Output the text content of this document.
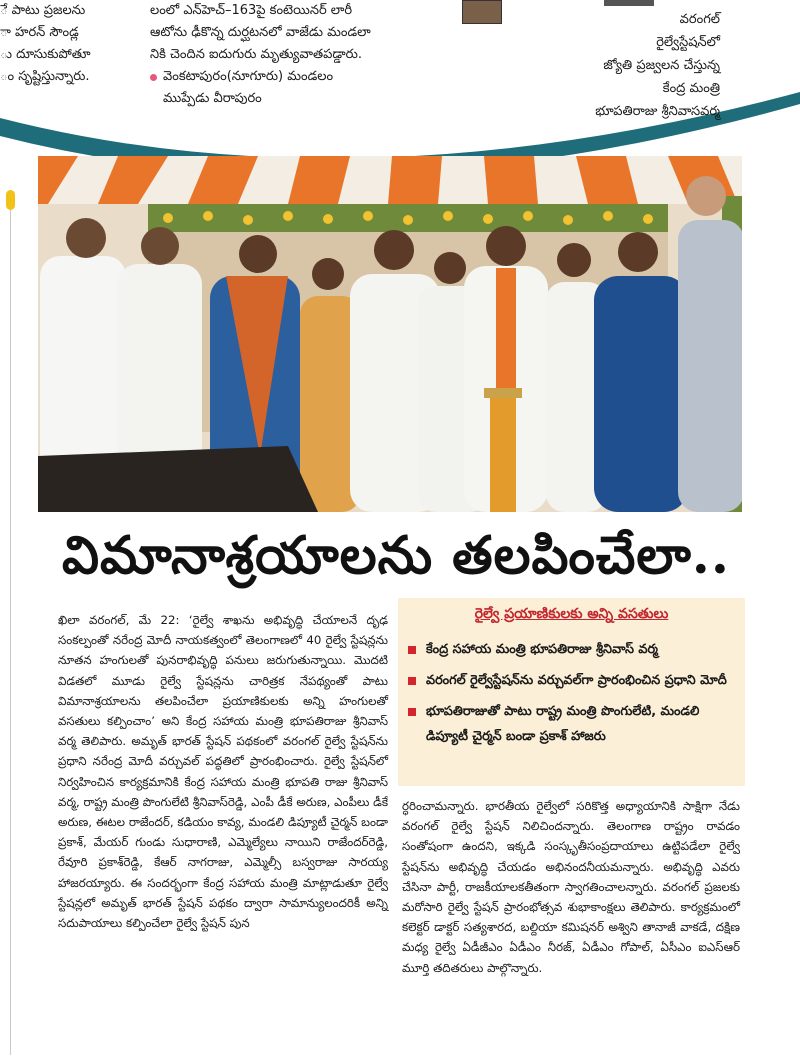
ే పాటు ప్రజలను
ా హరన్ సౌండ్ల
ు దూసుకుపోతూ
ం సృష్టిస్తున్నారు.
లంలో ఎన్‌హెచ్‌–163పై కంటెయినర్‌ లారీ
ఆటోను ఢీకొన్న దుర్ఘటనలో వాజేడు మండలా
నికి చెందిన ఐదుగురు మృత్యువాతపడ్డారు.
వెంకటాపురం(నూగూరు) మండలం
ముప్పేడు వీరాపురం
వరంగల్‌
రైల్వేస్టేషన్‌లో
జ్యోతి ప్రజ్వలన చేస్తున్న
కేంద్ర మంత్రి
భూపతిరాజు శ్రీనివాసవర్మ
విమానాశ్రయాలను తలపించేలా..

ఖిలా వరంగల్‌, మే 22: ‘రైల్వే శాఖను అభివృద్ధి చేయాలనే దృఢ సంకల్పంతో నరేంద్ర మోదీ నాయకత్వంలో తెలంగాణలో 40 రైల్వే స్టేషన్లను నూతన హంగులతో పునరాభివృద్ధి పనులు జరుగుతున్నాయి. మొదటి విడతలో మూడు రైల్వే స్టేషన్లను చారిత్రక నేపథ్యంతో పాటు విమానాశ్రయాలను తలపించేలా ప్రయాణికులకు అన్ని హంగులతో వసతులు కల్పించాం’ అని కేంద్ర సహాయ మంత్రి భూపతిరాజు శ్రీనివాస్‌ వర్మ తెలిపారు. అమృత్‌ భారత్‌ స్టేషన్‌ పథకంలో వరంగల్‌ రైల్వే స్టేషన్‌ను ప్రధాని నరేంద్ర మోదీ వర్చువల్‌ పద్ధతిలో ప్రారంభించారు. రైల్వే స్టేషన్‌లో నిర్వహించిన కార్యక్రమానికి కేంద్ర సహాయ మంత్రి భూపతి రాజు శ్రీనివాస్‌ వర్మ, రాష్ట్ర మంత్రి పొంగులేటి శ్రీనివాస్‌రెడ్డి, ఎంపీ డీకే అరుణ, ఎంపీలు డీకే అరుణ, ఈటల రాజేందర్‌, కడియం కావ్య, మండలి డిప్యూటీ చైర్మన్‌ బండా ప్రకాశ్‌, మేయర్‌ గుండు సుధారాణి, ఎమ్మెల్యేలు నాయిని రాజేందర్‌రెడ్డి, రేవూరి ప్రకాశ్‌రెడ్డి, కేఆర్‌ నాగరాజు, ఎమ్మెల్సీ బస్వరాజు సారయ్య హాజరయ్యారు. ఈ సందర్భంగా కేంద్ర సహాయ మంత్రి మాట్లాడుతూ రైల్వే స్టేషన్లలో అమృత్‌ భారత్‌ స్టేషన్‌ పథకం ద్వారా సామాన్యులందరికీ అన్ని సదుపాయాలు కల్పించేలా రైల్వే స్టేషన్‌ పున

రైల్వే ప్రయాణికులకు అన్ని వసతులు
కేంద్ర సహాయ మంత్రి భూపతిరాజు శ్రీనివాస్‌ వర్మ
వరంగల్‌ రైల్వేస్టేషన్‌ను వర్చువల్‌గా ప్రారంభించిన ప్రధాని మోదీ
భూపతిరాజుతో పాటు రాష్ట్ర మంత్రి పొంగులేటి, మండలి డిప్యూటీ చైర్మన్‌ బండా ప్రకాశ్‌ హాజరు

ర్ధరించామన్నారు. భారతీయ రైల్వేలో సరికొత్త అధ్యాయానికి సాక్షిగా నేడు వరంగల్‌ రైల్వే స్టేషన్‌ నిలిచిందన్నారు. తెలంగాణ రాష్ట్రం రావడం సంతోషంగా ఉందని, ఇక్కడి సంస్కృతీసంప్రదాయాలు ఉట్టిపడేలా రైల్వే స్టేషన్‌ను అభివృద్ధి చేయడం అభినందనీయమన్నారు. అభివృద్ధి ఎవరు చేసినా పార్టీ, రాజకీయాలకతీతంగా స్వాగతించాలన్నారు. వరంగల్‌ ప్రజలకు మరోసారి రైల్వే స్టేషన్‌ ప్రారంభోత్సవ శుభాకాంక్షలు తెలిపారు. కార్యక్రమంలో కలెక్టర్‌ డాక్టర్‌ సత్యశారద, బల్దియా కమిషనర్‌ అశ్విని తానాజీ వాకడే, దక్షిణ మధ్య రైల్వే ఏడీజీఎం ఏడీఎం నీరజ్‌, ఏడీఎం గోపాల్‌, ఏసీఎం ఐఎస్‌ఆర్‌ మూర్తి తదితరులు పాల్గొన్నారు.
